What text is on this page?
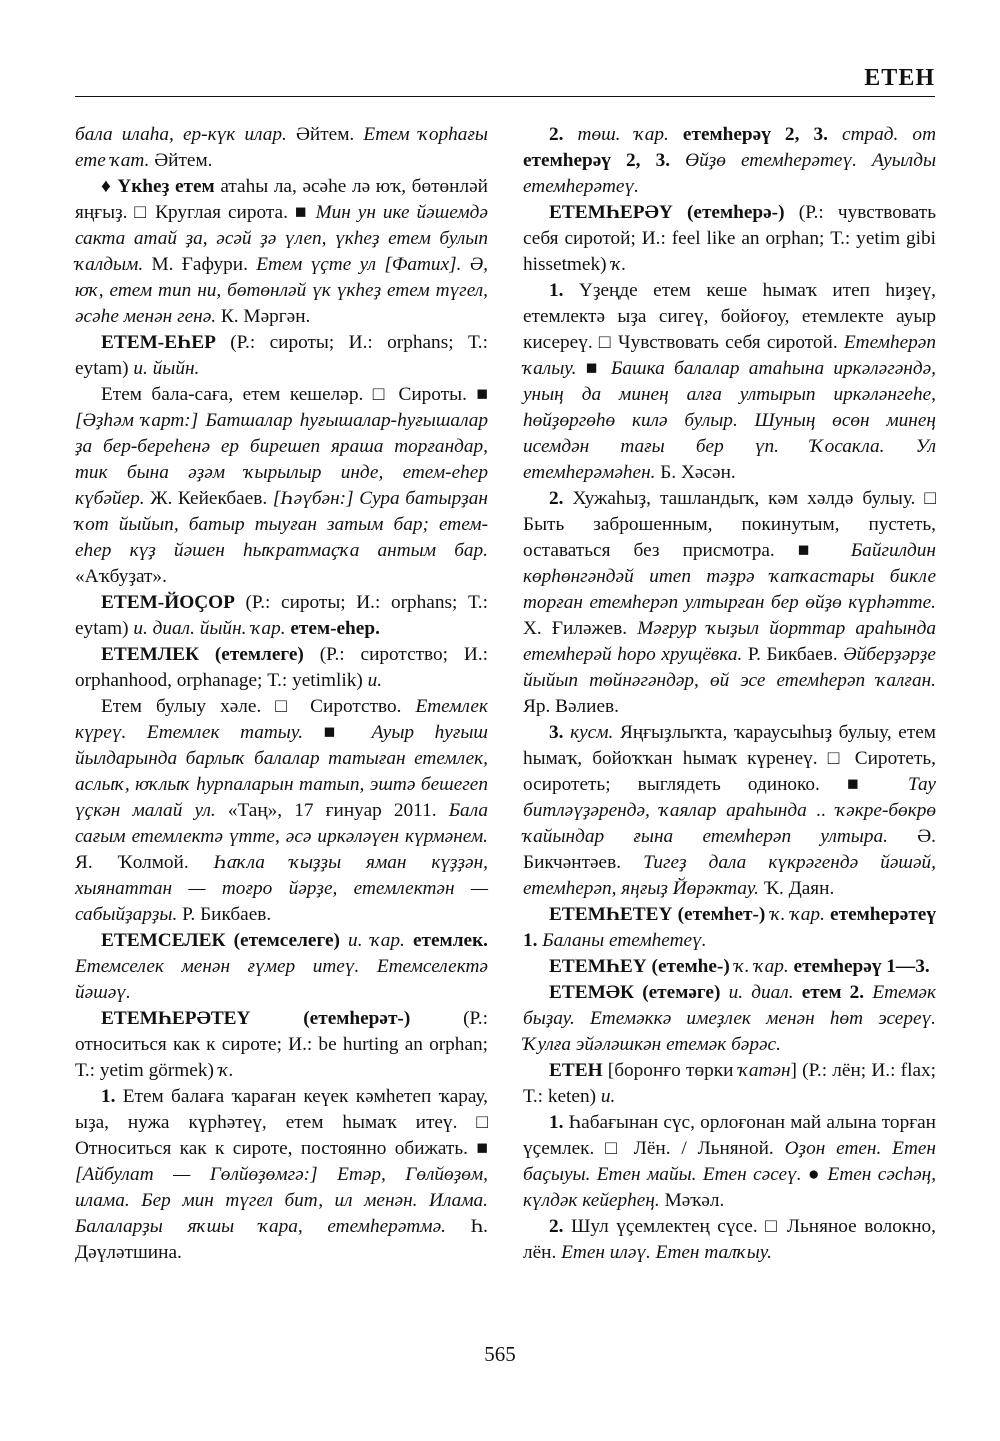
ЕТЕН

бала илаһа, ер-күк илар. Әйтем. Етем ҡорһағы ете ҡат. Әйтем.

♦ Үкһеҙ етем атаһы ла, әсәһе лә юҡ, бөтөнләй яңғыҙ. □ Круглая сирота. ■ Мин ун ике йәшемдә сакта атай ҙа, әсәй ҙә үлеп, үкһеҙ етем булып ҡалдым. М. Ғафури. Етем үҫте ул [Фатих]. Ә, юҡ, етем тип ни, бөтөнләй үк үкһеҙ етем түгел, әсәһе менән генә. К. Мәргән.

ЕТЕМ-ЕҺЕР (Р.: сироты; И.: orphans; Т.: eytam) и. йыйн.

Етем бала-саға, етем кешеләр. □ Сироты. ■ [Әҙһәм ҡарт:] Батшалар һуғышалар-һуғышалар ҙа бер-береһенә ер бирешеп яраша торғандар, тик бына әҙәм ҡырылыр инде, етем-еһер күбәйер. Ж. Кейекбаев. [Һәүбән:] Сура батырҙан ҡот йыйып, батыр тыуған затым бар; етем-еһер күҙ йәшен һыҡратмаҫҡа антым бар. «Аҡбуҙат».

ЕТЕМ-ЙОҪОР (Р.: сироты; И.: orphans; Т.: eytam) и. диал. йыйн. ҡар. етем-еһер.

ЕТЕМЛЕК (етемлеге) (Р.: сиротство; И.: orphanhood, orphanage; Т.: yetimlik) и.

Етем булыу хәле. □ Сиротство. Етемлек күреү. Етемлек татыу. ■ Ауыр һуғыш йылдарында барлыҡ балалар татыған етемлек, аслыҡ, юҡлыҡ һурпаларын татып, эштә бешегеп үҫкән малай ул. «Таң», 17 ғинуар 2011. Бала сағым етемлектә үтте, әсә иркәләүен күрмәнем. Я. Ҡолмой. Һаҡла ҡыҙҙы яман күҙҙән, хыянаттан — тоғро йәрҙе, етемлектән — сабыйҙарҙы. Р. Бикбаев.

ЕТЕМСЕЛЕК (етемселеге) и. ҡар. етемлек. Етемселек менән ғүмер итеү. Етемселектә йәшәү.

ЕТЕМҺЕРӘТЕҮ (етемһерәт-) (Р.: относиться как к сироте; И.: be hurting an orphan; Т.: yetim görmek) ҡ.

1. Етем балаға ҡараған кеүек кәмһетеп ҡарау, ыҙа, нужа күрһәтеү, етем һымаҡ итеү. □ Относиться как к сироте, постоянно обижать. ■ [Айбулат — Гөлйөҙөмгә:] Етәр, Гөлйөҙөм, илама. Бер мин түгел бит, ил менән. Илама. Балаларҙы яҡшы ҡара, етемһерәтмә. Һ. Дәүләтшина.

2. төш. ҡар. етемһерәү 2, 3. страд. от етемһерәү 2, 3. Өйҙө етемһерәтеү. Ауылды етемһерәтеү.

ЕТЕМҺЕРӘҮ (етемһерә-) (Р.: чувствовать себя сиротой; И.: feel like an orphan; Т.: yetim gibi hissetmek) ҡ.

1. Үҙеңде етем кеше һымаҡ итеп һиҙеү, етемлектә ыҙа сигеү, бойоғоу, етемлекте ауыр кисереү. □ Чувствовать себя сиротой. Етемһерәп ҡалыу. ■ Башка балалар атаһына иркәләгәндә, уның да минең алға ултырып иркәләнгеһе, һөйҙөргөһө килә булыр. Шуның өсөн минең исемдән тағы бер үп. Ҡосакла. Ул етемһерәмәһен. Б. Хәсән.

2. Хужаһыҙ, ташландыҡ, кәм хәлдә булыу. □ Быть заброшенным, покинутым, пустеть, оставаться без присмотра. ■ Байгилдин көрһөнгәндәй итеп тәҙрә ҡапҡастары бикле торған етемһерәп ултырған бер өйҙө күрһәтте. Х. Ғиләжев. Мәғрур ҡыҙыл йорттар араһында етемһерәй һоро хрущёвка. Р. Бикбаев. Әйберҙәрҙе йыйып төйнәгәндәр, өй эсе етемһерәп ҡалған. Яр. Вәлиев.

3. кусм. Яңғыҙлыҡта, ҡараусыһыҙ булыу, етем һымаҡ, бойоҡҡан һымаҡ күренеү. □ Сиротеть, осиротеть; выглядеть одиноко. ■ Тау битләүҙәрендә, ҡаялар араһында .. ҡәкре-бөкрө ҡайындар ғына етемһерәп ултыра. Ә. Бикчәнтәев. Тигеҙ дала күкрәгендә йәшәй, етемһерәп, яңғыҙ Йөрәктау. Ҡ. Даян.

ЕТЕМҺЕТЕҮ (етемһет-) ҡ. ҡар. етемһерәтеү 1. Баланы етемһетеү.

ЕТЕМҺЕҮ (етемһе-) ҡ. ҡар. етемһерәү 1—3.

ЕТЕМӘК (етемәге) и. диал. етем 2. Етемәк быҙау. Етемәккә имеҙлек менән һөт эсереү. Ҡулға эйәләшкән етемәк бәрәс.

ЕТЕН [боронғо төрки ҡатән] (Р.: лён; И.: flax; Т.: keten) и.

1. Һабағынан сүс, орлоғонан май алына торған үҫемлек. □ Лён. / Льняной. Оҙон етен. Етен баҫыуы. Етен майы. Етен сәсеү. ● Етен сәсһәң, күлдәк кейерһең. Мәҡәл.

2. Шул үҫемлектең сүсе. □ Льняное волокно, лён. Етен иләү. Етен талҡыу.

565
